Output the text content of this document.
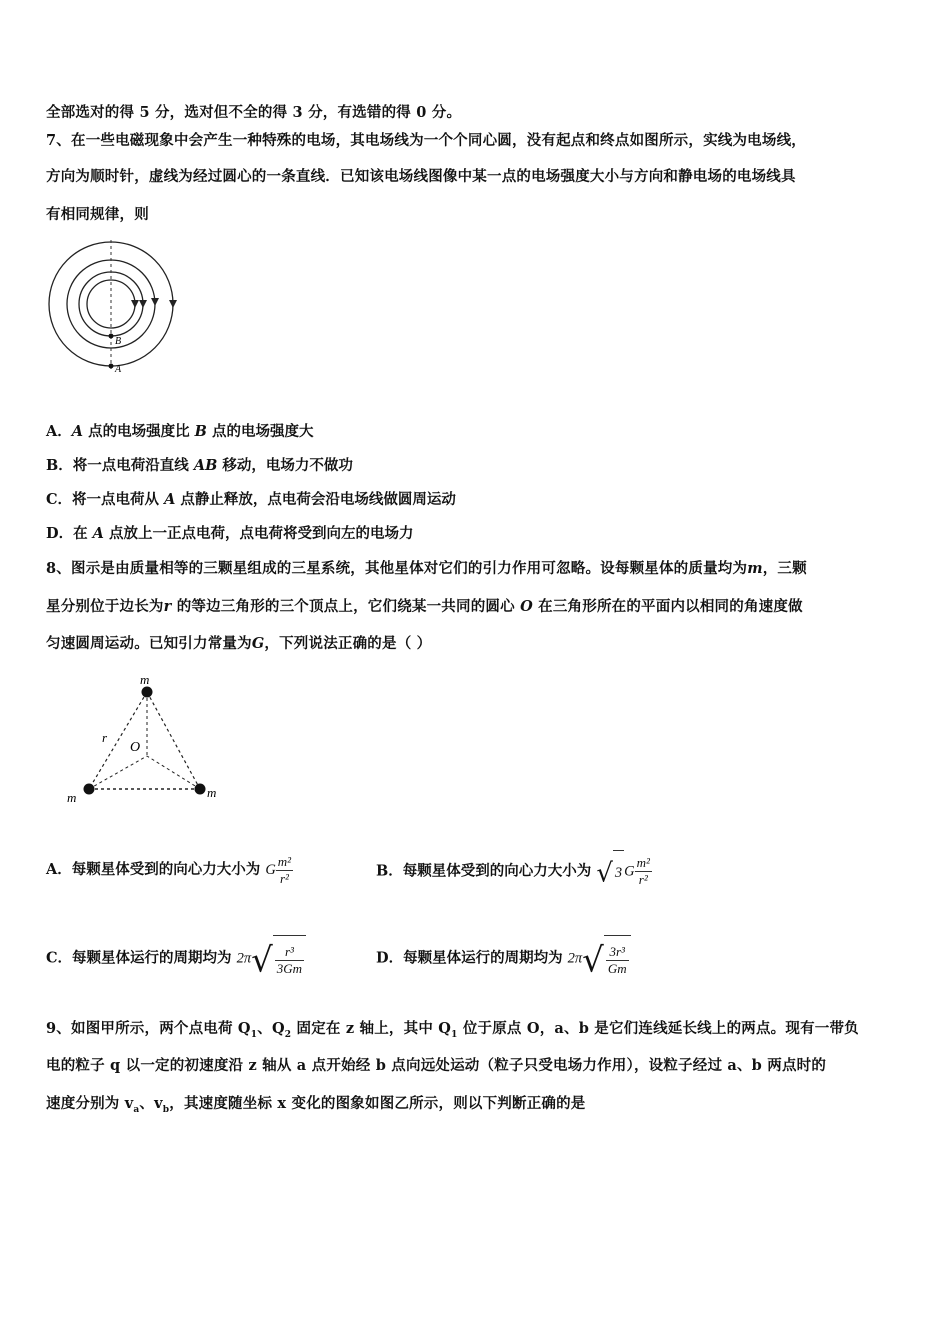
全部选对的得 5 分，选对但不全的得 3 分，有选错的得 0 分。
7、在一些电磁现象中会产生一种特殊的电场，其电场线为一个个同心圆，没有起点和终点如图所示，实线为电场线，
方向为顺时针，虚线为经过圆心的一条直线．已知该电场线图像中某一点的电场强度大小与方向和静电场的电场线具
有相同规律，则
B
A
A．A 点的电场强度比 B 点的电场强度大
B．将一点电荷沿直线 AB 移动，电场力不做功
C．将一点电荷从 A 点静止释放，点电荷会沿电场线做圆周运动
D．在 A 点放上一正点电荷，点电荷将受到向左的电场力
8、图示是由质量相等的三颗星组成的三星系统，其他星体对它们的引力作用可忽略。设每颗星体的质量均为m，三颗
星分别位于边长为r 的等边三角形的三个顶点上，它们绕某一共同的圆心 O 在三角形所在的平面内以相同的角速度做
匀速圆周运动。已知引力常量为G，下列说法正确的是（ ）
m
m	m
r
O
A．每颗星体受到的向心力大小为 G $\frac{\text{m²}}{\text{r²}}$	B．每颗星体受到的向心力大小为 √ 3 G $\frac{\text{m²}}{\text{r²}}$
C．每颗星体运行的周期均为 $2\pi√ \frac{\text{r³}}{3Gm}$	D．每颗星体运行的周期均为 $2\pi√ \frac{\text{3r³}}{Gm}$
9、如图甲所示，两个点电荷 $Q_1$、$Q_2$ 固定在 z 轴上，其中 $Q_1$ 位于原点 O，a、b 是它们连线延长线上的两点。现有一带负
电的粒子 q 以一定的初速度沿 z 轴从 a 点开始经 b 点向远处运动（粒子只受电场力作用），设粒子经过 a、b 两点时的
速度分别为 $v_a$、$v_b$，其速度随坐标 x 变化的图象如图乙所示，则以下判断正确的是
